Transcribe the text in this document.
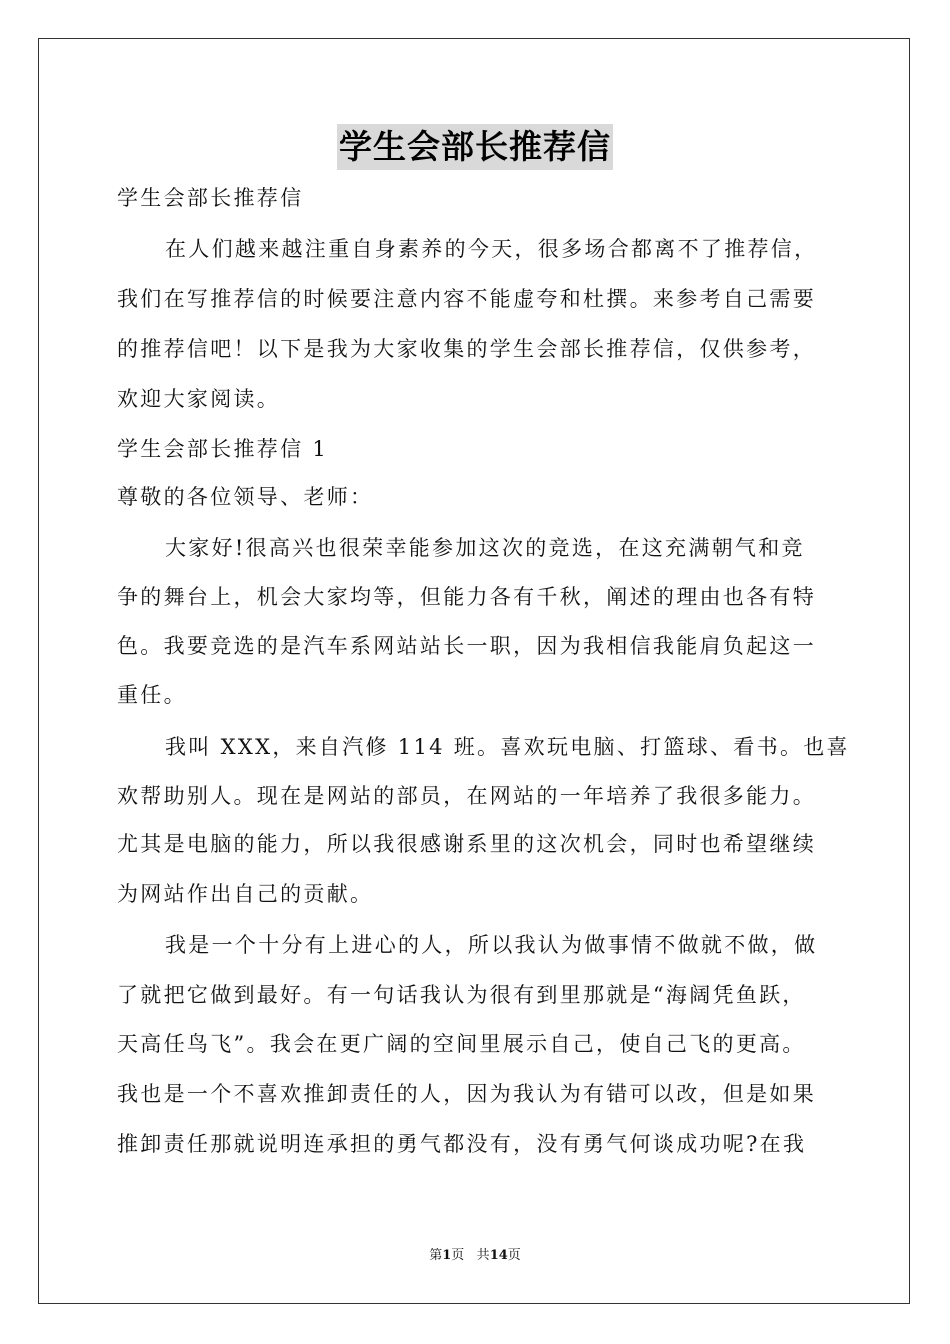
学生会部长推荐信
学生会部长推荐信
在人们越来越注重自身素养的今天，很多场合都离不了推荐信，
我们在写推荐信的时候要注意内容不能虚夸和杜撰。来参考自己需要
的推荐信吧！以下是我为大家收集的学生会部长推荐信，仅供参考，
欢迎大家阅读。
学生会部长推荐信 1
尊敬的各位领导、老师：
大家好!很高兴也很荣幸能参加这次的竞选，在这充满朝气和竞
争的舞台上，机会大家均等，但能力各有千秋，阐述的理由也各有特
色。我要竞选的是汽车系网站站长一职，因为我相信我能肩负起这一
重任。
我叫 XXX，来自汽修 114 班。喜欢玩电脑、打篮球、看书。也喜
欢帮助别人。现在是网站的部员，在网站的一年培养了我很多能力。
尤其是电脑的能力，所以我很感谢系里的这次机会，同时也希望继续
为网站作出自己的贡献。
我是一个十分有上进心的人，所以我认为做事情不做就不做，做
了就把它做到最好。有一句话我认为很有到里那就是“海阔凭鱼跃，
天高任鸟飞”。我会在更广阔的空间里展示自己，使自己飞的更高。
我也是一个不喜欢推卸责任的人，因为我认为有错可以改，但是如果
推卸责任那就说明连承担的勇气都没有，没有勇气何谈成功呢?在我
第1页 共14页
